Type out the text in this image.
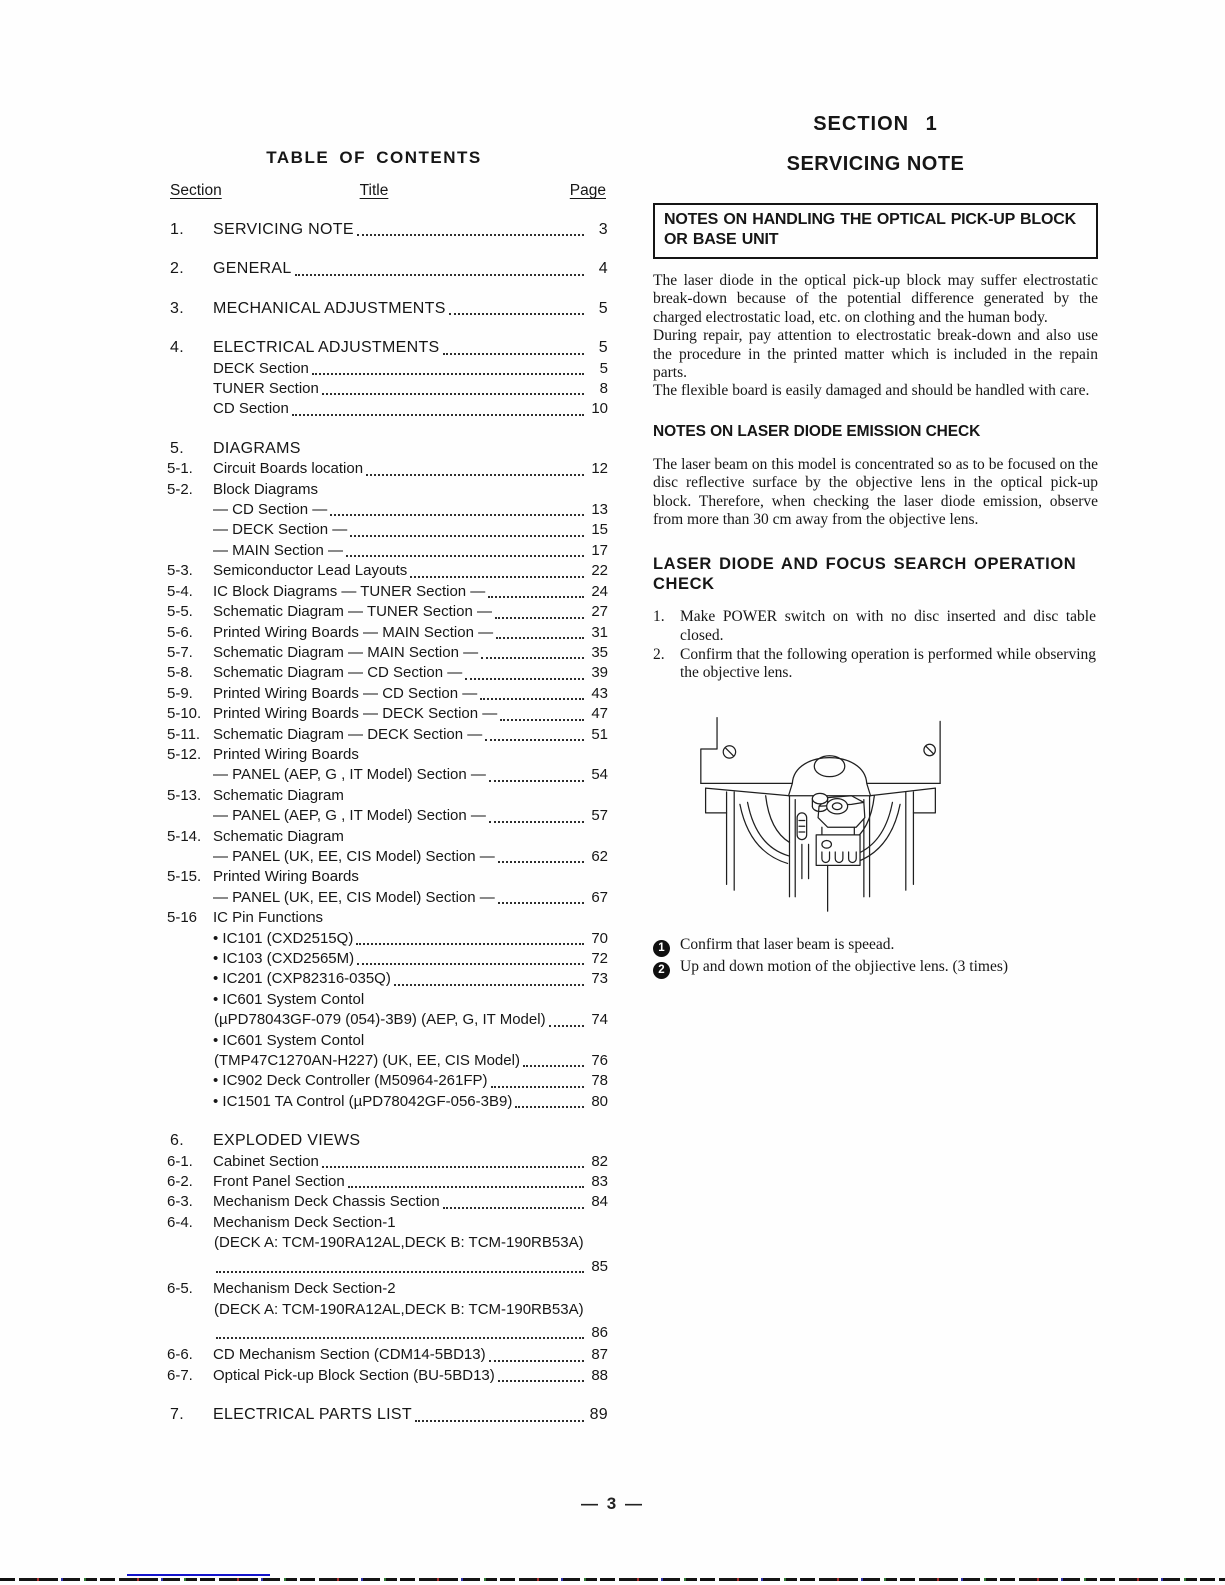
TABLE OF CONTENTS
Section	Title	Page
1.	SERVICING NOTE	3
2.	GENERAL	4
3.	MECHANICAL ADJUSTMENTS	5
4.	ELECTRICAL ADJUSTMENTS	5
DECK Section	5
TUNER Section	8
CD Section	10
5.	DIAGRAMS
5-1.	Circuit Boards location	12
5-2.	Block Diagrams
— CD Section —	13
— DECK Section —	15
— MAIN Section —	17
5-3.	Semiconductor Lead Layouts	22
5-4.	IC Block Diagrams — TUNER Section —	24
5-5.	Schematic Diagram — TUNER Section —	27
5-6.	Printed Wiring Boards — MAIN Section —	31
5-7.	Schematic Diagram — MAIN Section —	35
5-8.	Schematic Diagram — CD Section —	39
5-9.	Printed Wiring Boards — CD Section —	43
5-10. Printed Wiring Boards — DECK Section —	47
5-11. Schematic Diagram — DECK Section —	51
5-12. Printed Wiring Boards
— PANEL (AEP, G , IT Model) Section —	54
5-13. Schematic Diagram
— PANEL (AEP, G , IT Model) Section —	57
5-14. Schematic Diagram
— PANEL (UK, EE, CIS Model) Section —	62
5-15. Printed Wiring Boards
— PANEL (UK, EE, CIS Model) Section —	67
5-16	IC Pin Functions
• IC101 (CXD2515Q)	70
• IC103 (CXD2565M)	72
• IC201 (CXP82316-035Q)	73
• IC601 System Contol
(µPD78043GF-079 (054)-3B9) (AEP, G, IT Model)	74
• IC601 System Contol
(TMP47C1270AN-H227) (UK, EE, CIS Model)	76
• IC902 Deck Controller (M50964-261FP)	78
• IC1501 TA Control (µPD78042GF-056-3B9)	80
6.	EXPLODED VIEWS
6-1.	Cabinet Section	82
6-2.	Front Panel Section	83
6-3.	Mechanism Deck Chassis Section	84
6-4.	Mechanism Deck Section-1
(DECK A: TCM-190RA12AL,DECK B: TCM-190RB53A)
85
6-5.	Mechanism Deck Section-2
(DECK A: TCM-190RA12AL,DECK B: TCM-190RB53A)
86
6-6.	CD Mechanism Section (CDM14-5BD13)	87
6-7.	Optical Pick-up Block Section (BU-5BD13)	88
7.	ELECTRICAL PARTS LIST	89
SECTION 1
SERVICING NOTE
NOTES ON HANDLING THE OPTICAL PICK-UP BLOCK OR BASE UNIT

The laser diode in the optical pick-up block may suffer electrostatic break-down because of the potential difference generated by the charged electrostatic load, etc. on clothing and the human body.

During repair, pay attention to electrostatic break-down and also use the procedure in the printed matter which is included in the repain parts.

The flexible board is easily damaged and should be handled with care.

NOTES ON LASER DIODE EMISSION CHECK
The laser beam on this model is concentrated so as to be focused on the disc reflective surface by the objective lens in the optical pick-up block. Therefore, when checking the laser diode emission, observe from more than 30 cm away from the objective lens.
LASER DIODE AND FOCUS SEARCH OPERATION CHECK
1. Make POWER switch on with no disc inserted and disc table closed.
2. Confirm that the following operation is performed while observing the objective lens.
1 Confirm that laser beam is speead.
2 Up and down motion of the objiective lens. (3 times)
— 3 —
